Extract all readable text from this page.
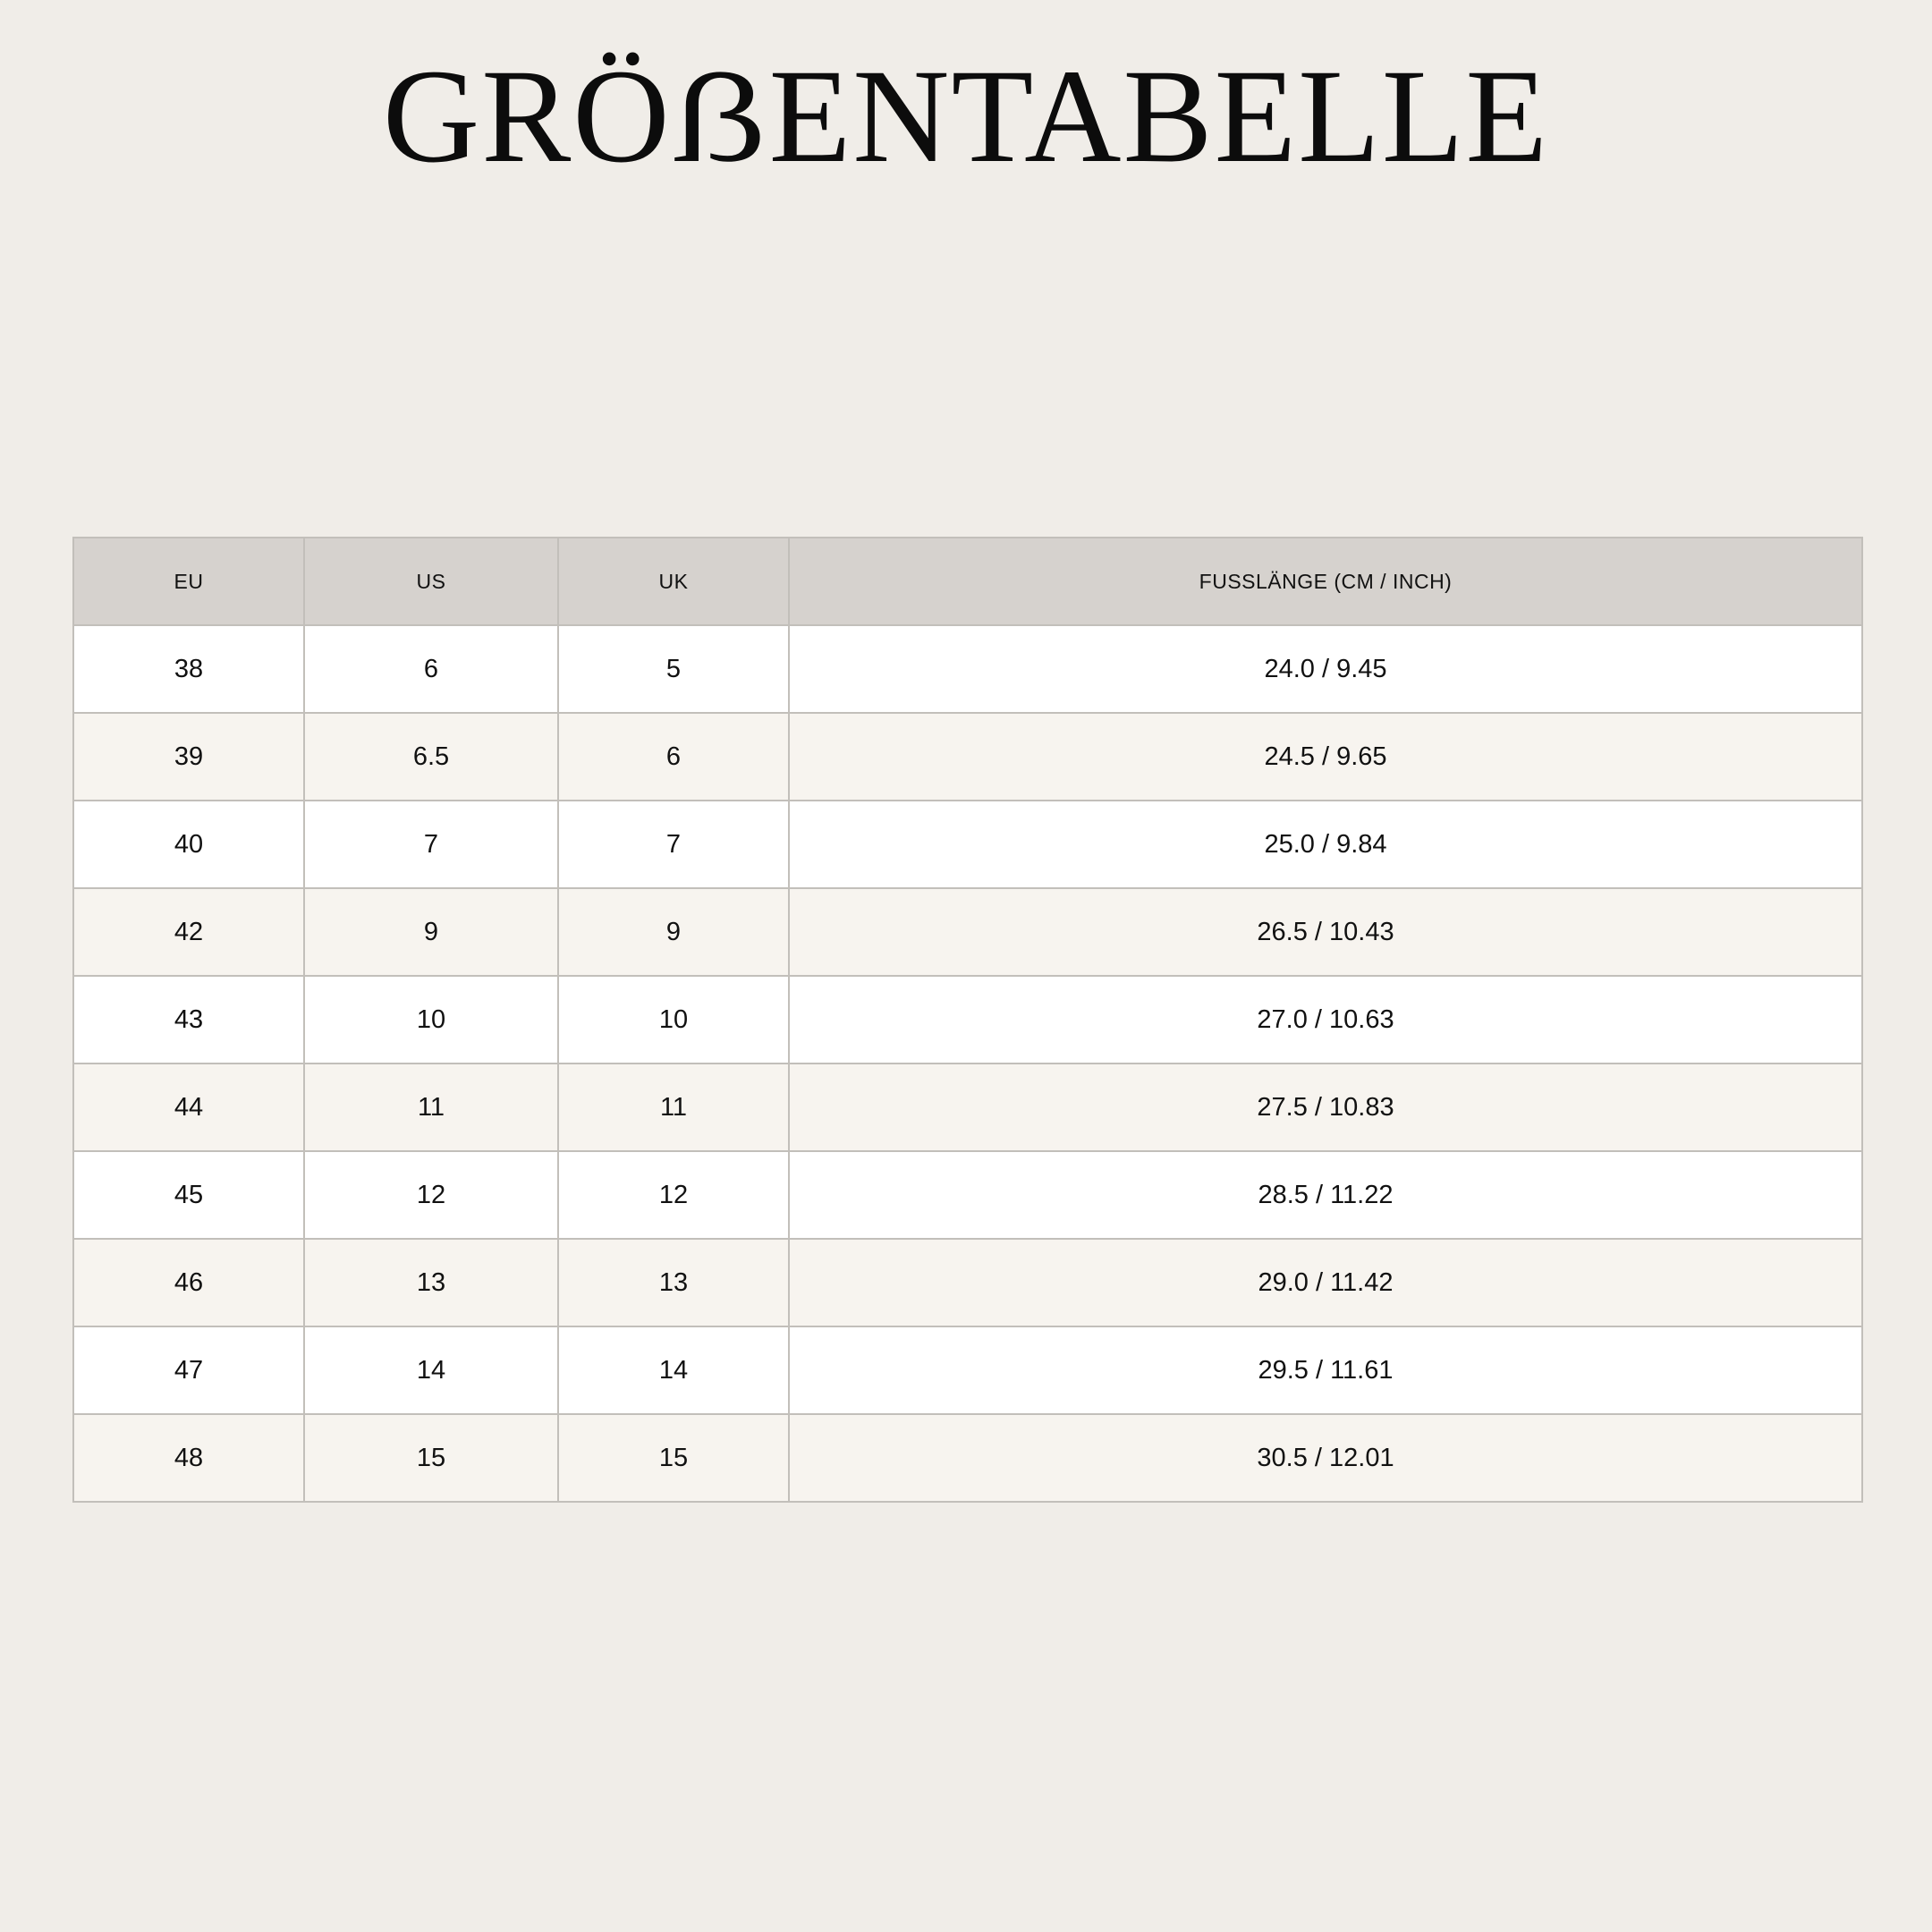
GRÖẞENTABELLE
EU	US	UK	FUSSLÄNGE (CM / INCH)
38	6	5	24.0 / 9.45
39	6.5	6	24.5 / 9.65
40	7	7	25.0 / 9.84
42	9	9	26.5 / 10.43
43	10	10	27.0 / 10.63
44	11	11	27.5 / 10.83
45	12	12	28.5 / 11.22
46	13	13	29.0 / 11.42
47	14	14	29.5 / 11.61
48	15	15	30.5 / 12.01
